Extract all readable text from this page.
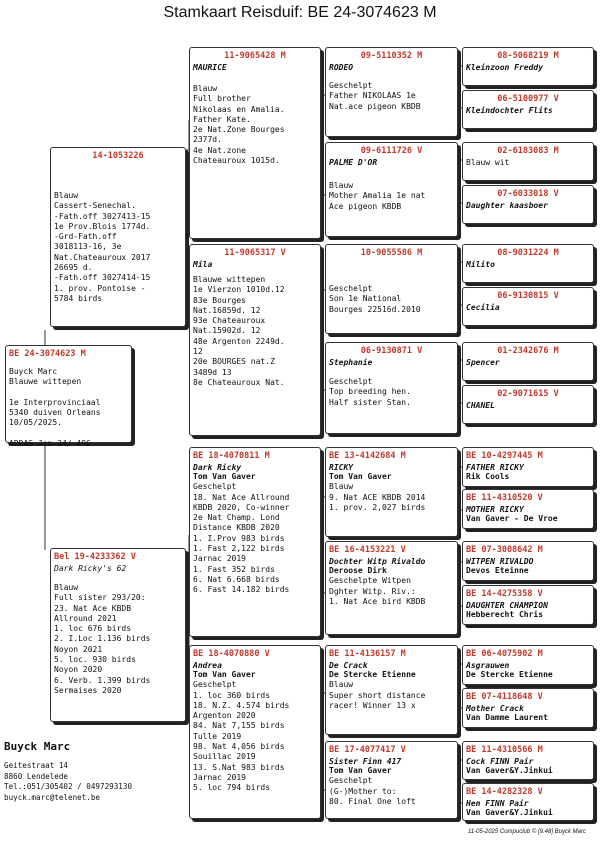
Stamkaart Reisduif: BE 24-3074623 M
BE 24-3074623 M
Buyck Marc
Blauwe wittepen

1e Interprovinciaal
5340 duiven Orleans
10/05/2025.

ARRAS Jon 34/ 496
14-1053226
Blauw
Cassert-Senechal.
-Fath.off 3027413-15
1e Prov.Blois 1774d.
-Grd-Fath.off
3018113-16, 3e
Nat.Chateauroux 2017
26695 d.
-Fath.off 3027414-15
1. prov. Pontoise -
5784 birds
Bel 19-4233362 V
Dark Ricky's 62
Blauw
Full sister 293/20:
23. Nat Ace KBDB
Allround 2021
1. loc 676 birds
2. I.Loc 1.136 birds
Noyon 2021
5. loc. 930 birds
Noyon 2020
6. Verb. 1.399 birds
Sermaises 2020
11-9065428 M
MAURICE
Blauw
Full brother
Nikolaas en Amalia.
Father Kate.
2e Nat.Zone Bourges
2377d.
4e Nat.zone
Chateauroux 1015d.
11-9065317 V
Mila
Blauwe wittepen
1e Vierzon 1010d.12
83e Bourges
Nat.16859d. 12
93e Chateauroux
Nat.15902d. 12
48e Argenton 2249d.
12
20e BOURGES nat.Z
3489d 13
8e Chateauroux Nat.
BE 18-4070811 M
Dark Ricky
Tom Van Gaver
Geschelpt
18. Nat Ace Allround
KBDB 2020, Co-winner
2e Nat Champ. Lond
Distance KBDB 2020
1. I.Prov 983 birds
1. Fast 2,122 birds
Jarnac 2019
1. Fast 352 birds
6. Nat 6.668 birds
6. Fast 14.182 birds
BE 18-4070880 V
Andrea
Tom Van Gaver
Geschelpt
1. loc 360 birds
18. N.Z. 4.574 birds
Argenton 2020
84. Nat 7,155 birds
Tulle 2019
98. Nat 4,056 birds
Souillac 2019
13. S.Nat 983 birds
Jarnac 2019
5. loc 794 birds
09-5110352 M
RODEO
Geschelpt
Father NIKOLAAS 1e
Nat.ace pigeon KBDB
09-6111726 V
PALME D'OR
Blauw
Mother Amalia 1e nat
Ace pigeon KBDB
10-9055586 M
Geschelpt
Son 1e National
Bourges 22516d.2010
06-9130871 V
Stephanie
Geschelpt
Top breeding hen.
Half sister Stan.
BE 13-4142684 M
RICKY
Tom Van Gaver
Blauw
9. Nat ACE KBDB 2014
1. prov. 2,027 birds
BE 16-4153221 V
Dochter Witp Rivaldo
Deroose Dirk
Geschelpte Witpen
Dghter Witp. Riv.:
1. Nat Ace bird KBDB
BE 11-4136157 M
De Crack
De Stercke Etienne
Blauw
Super short distance
racer! Winner 13 x
BE 17-4077417 V
Sister Finn 417
Tom Van Gaver
Geschelpt
(G-)Mother to:
80. Final One loft
08-5068219 M
Kleinzoon Freddy
06-5100977 V
Kleindochter Flits
02-6183083 M
Blauw wit
07-6033018 V
Daughter kaasboer
08-9031224 M
Milito
06-9130815 V
Cecilia
01-2342676 M
Spencer
02-9071615 V
CHANEL
BE 10-4297445 M
FATHER RICKY
Rik Cools
BE 11-4310520 V
MOTHER RICKY
Van Gaver - De Vroe
BE 07-3008642 M
WITPEN RIVALDO
Devos Eteinne
BE 14-4275358 V
DAUGHTER CHAMPION
Hebberecht Chris
BE 06-4075902 M
Asgrauwen
De Stercke Etienne
BE 07-4118648 V
Mother Crack
Van Damme Laurent
BE 11-4310566 M
Cock FINN Pair
Van Gaver&Y.Jinkui
BE 14-4282328 V
Hen FINN Pair
Van Gaver&Y.Jinkui
Buyck Marc
Geitestraat 14
8860 Lendelede
Tel.:051/305402 / 0497293130
buyck.marc@telenet.be
11-05-2025 Compuclub © [9.48] Buyck Marc
